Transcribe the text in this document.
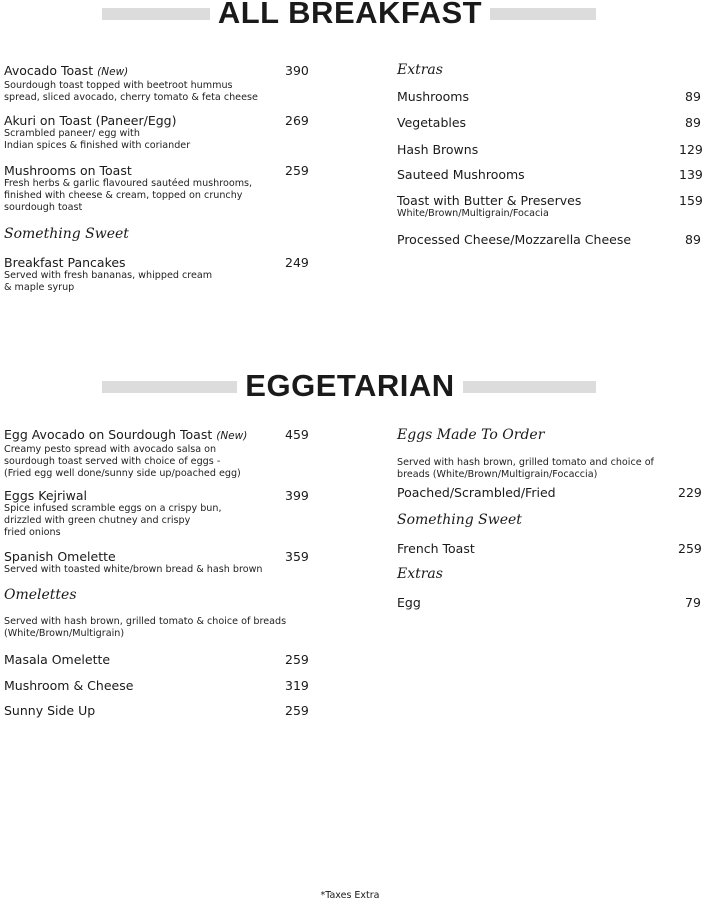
ALL BREAKFAST
Avocado Toast (New)
Sourdough toast topped with beetroot hummus
spread, sliced avocado, cherry tomato & feta cheese
390
Akuri on Toast (Paneer/Egg)
Scrambled paneer/ egg with
Indian spices & finished with coriander
269
Mushrooms on Toast
Fresh herbs & garlic flavoured sautéed mushrooms,
finished with cheese & cream, topped on crunchy
sourdough toast
259
Something Sweet
Breakfast Pancakes
Served with fresh bananas, whipped cream
& maple syrup
249
Extras
Mushrooms	89
Vegetables	89
Hash Browns	129
Sauteed Mushrooms	139
Toast with Butter & Preserves
White/Brown/Multigrain/Focacia
159
Processed Cheese/Mozzarella Cheese	89
EGGETARIAN
Egg Avocado on Sourdough Toast (New)
Creamy pesto spread with avocado salsa on
sourdough toast served with choice of eggs -
(Fried egg well done/sunny side up/poached egg)
459
Eggs Kejriwal
Spice infused scramble eggs on a crispy bun,
drizzled with green chutney and crispy
fried onions
399
Spanish Omelette
Served with toasted white/brown bread & hash brown
359
Omelettes
Served with hash brown, grilled tomato & choice of breads
(White/Brown/Multigrain)
Masala Omelette	259
Mushroom & Cheese	319
Sunny Side Up	259
Eggs Made To Order
Served with hash brown, grilled tomato and choice of
breads (White/Brown/Multigrain/Focaccia)
Poached/Scrambled/Fried	229
Something Sweet
French Toast	259
Extras
Egg	79
*Taxes Extra
